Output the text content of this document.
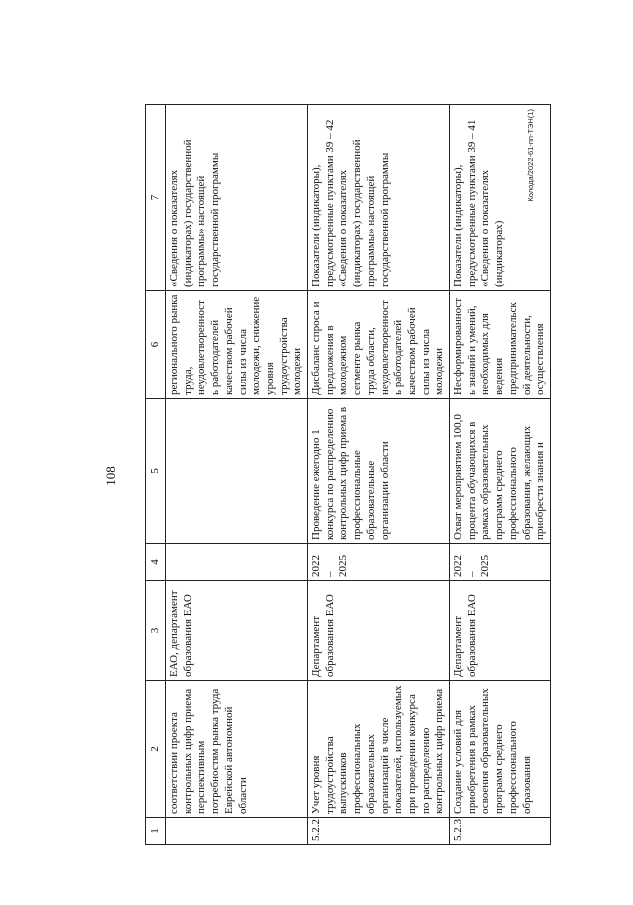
108
1	2	3	4	5	6	7
	соответствии проекта контрольных цифр приема перспективным потребностям рынка труда Еврейской автономной области	ЕАО, департамент образования ЕАО			регионального рынка труда, неудовлетворенност ь работодателей качеством рабочей силы из числа молодежи, снижение уровня трудоустройства молодежи	«Сведения о показателях (индикаторах) государственной программы» настоящей государственной программы
5.2.2	Учет уровня трудоустройства выпускников профессиональных образовательных организаций в числе показателей, используемых при проведении конкурса по распределению контрольных цифр приема	Департамент образования ЕАО	2022 – 2025	Проведение ежегодно 1 конкурса по распределению контрольных цифр приема в профессиональные образовательные организации области	Дисбаланс спроса и предложения в молодежном сегменте рынка труда области, неудовлетворенност ь работодателей качеством рабочей силы из числа молодежи	Показатели (индикаторы), предусмотренные пунктами 39 – 42 «Сведения о показателях (индикаторах) государственной программы» настоящей государственной программы
5.2.3	Создание условий для приобретения в рамках освоения образовательных программ среднего профессионального образования	Департамент образования ЕАО	2022 – 2025	Охват мероприятием 100,0 процента обучающихся в рамках образовательных программ среднего профессионального образования, желающих приобрести знания и	Несформированност ь знаний и умений, необходимых для ведения предпринимательск ой деятельности, осуществления	Показатели (индикаторы), предусмотренные пунктами 39 – 41 «Сведения о показателях (индикаторах)
Колода/2022-61-пп-ТЭН(1)
